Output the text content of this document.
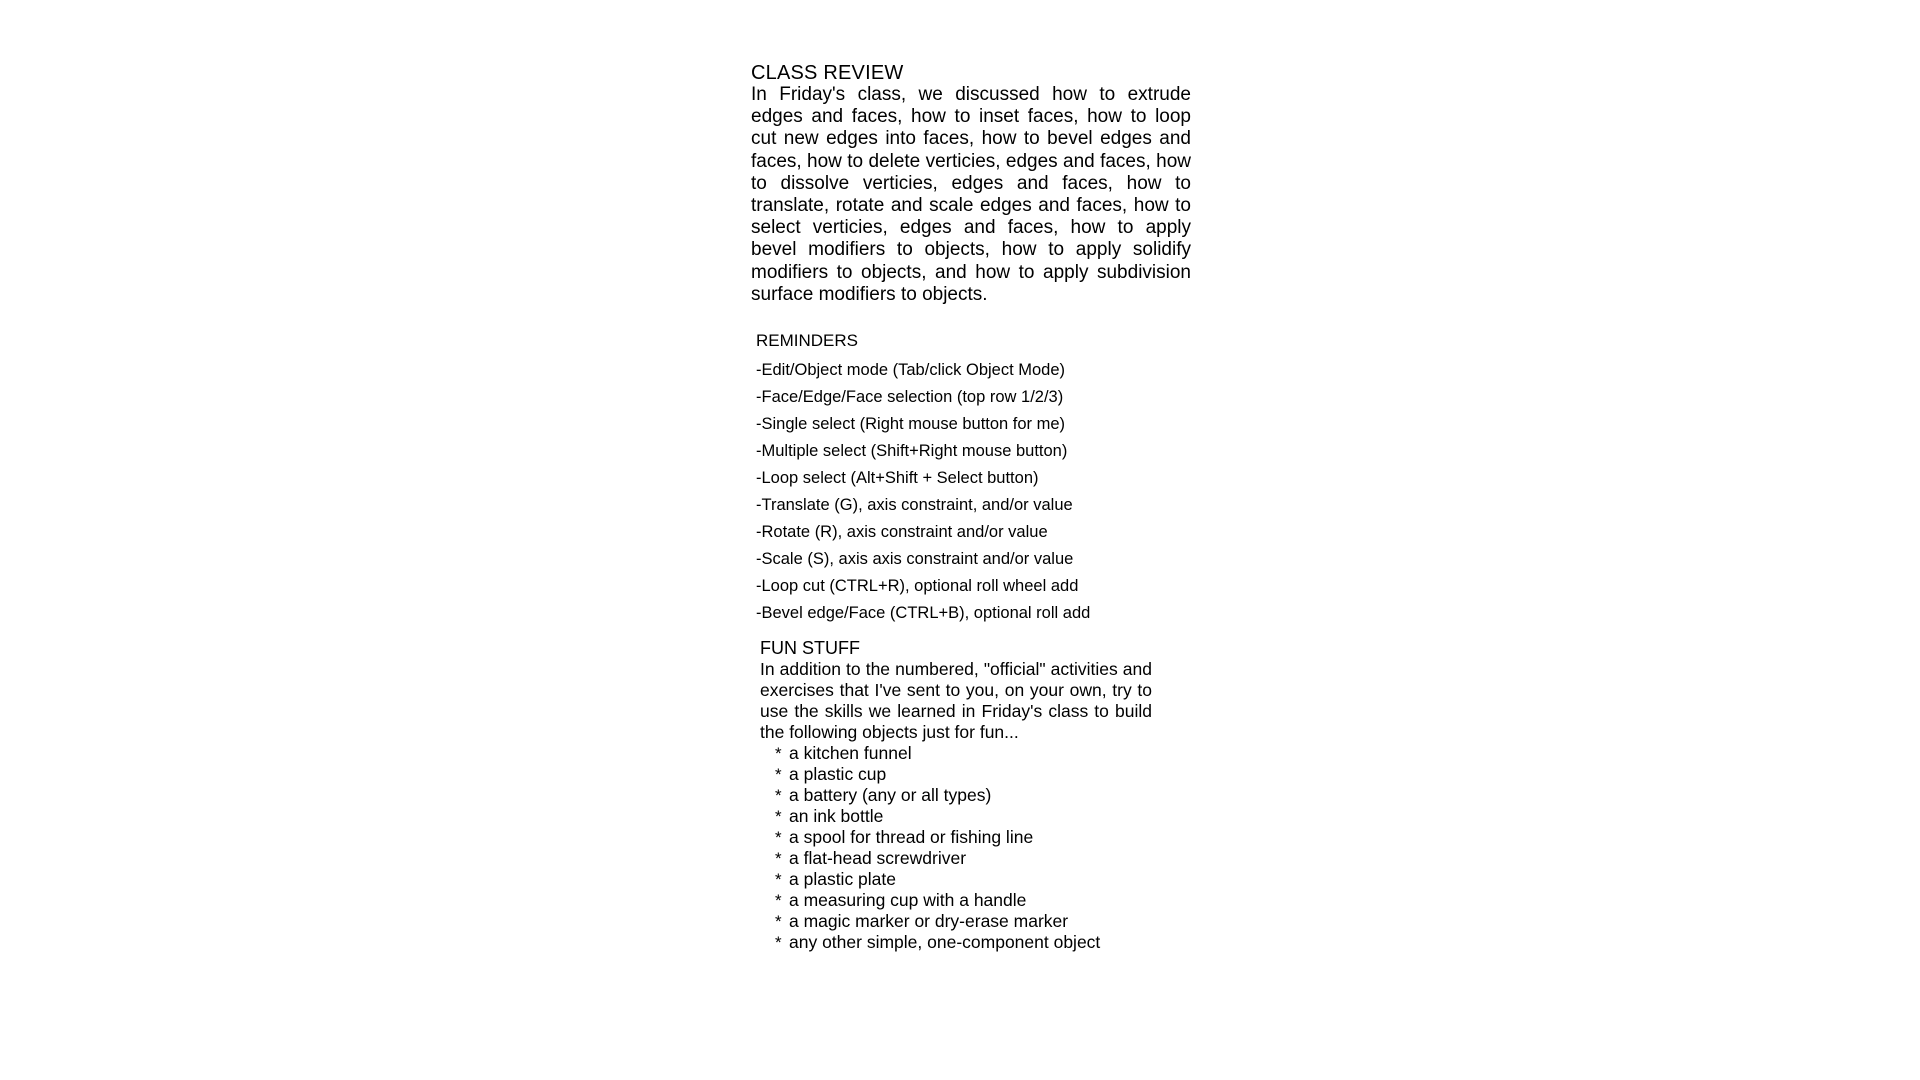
CLASS REVIEW

In Friday's class, we discussed how to extrude edges and faces, how to inset faces, how to loop cut new edges into faces, how to bevel edges and faces, how to delete verticies, edges and faces, how to dissolve verticies, edges and faces, how to translate, rotate and scale edges and faces, how to select verticies, edges and faces, how to apply bevel modifiers to objects, how to apply solidify modifiers to objects, and how to apply subdivision surface modifiers to objects.

REMINDERS
-Edit/Object mode (Tab/click Object Mode)
-Face/Edge/Face selection (top row 1/2/3)
-Single select (Right mouse button for me)
-Multiple select (Shift+Right mouse button)
-Loop select (Alt+Shift + Select button)
-Translate (G), axis constraint, and/or value
-Rotate (R), axis constraint and/or value
-Scale (S), axis axis constraint and/or value
-Loop cut (CTRL+R), optional roll wheel add
-Bevel edge/Face (CTRL+B), optional roll add
FUN STUFF

In addition to the numbered, "official" activities and exercises that I've sent to you, on your own, try to use the skills we learned in Friday's class to build the following objects just for fun...

* a kitchen funnel
* a plastic cup
* a battery (any or all types)
* an ink bottle
* a spool for thread or fishing line
* a flat-head screwdriver
* a plastic plate
* a measuring cup with a handle
* a magic marker or dry-erase marker
* any other simple, one-component object
